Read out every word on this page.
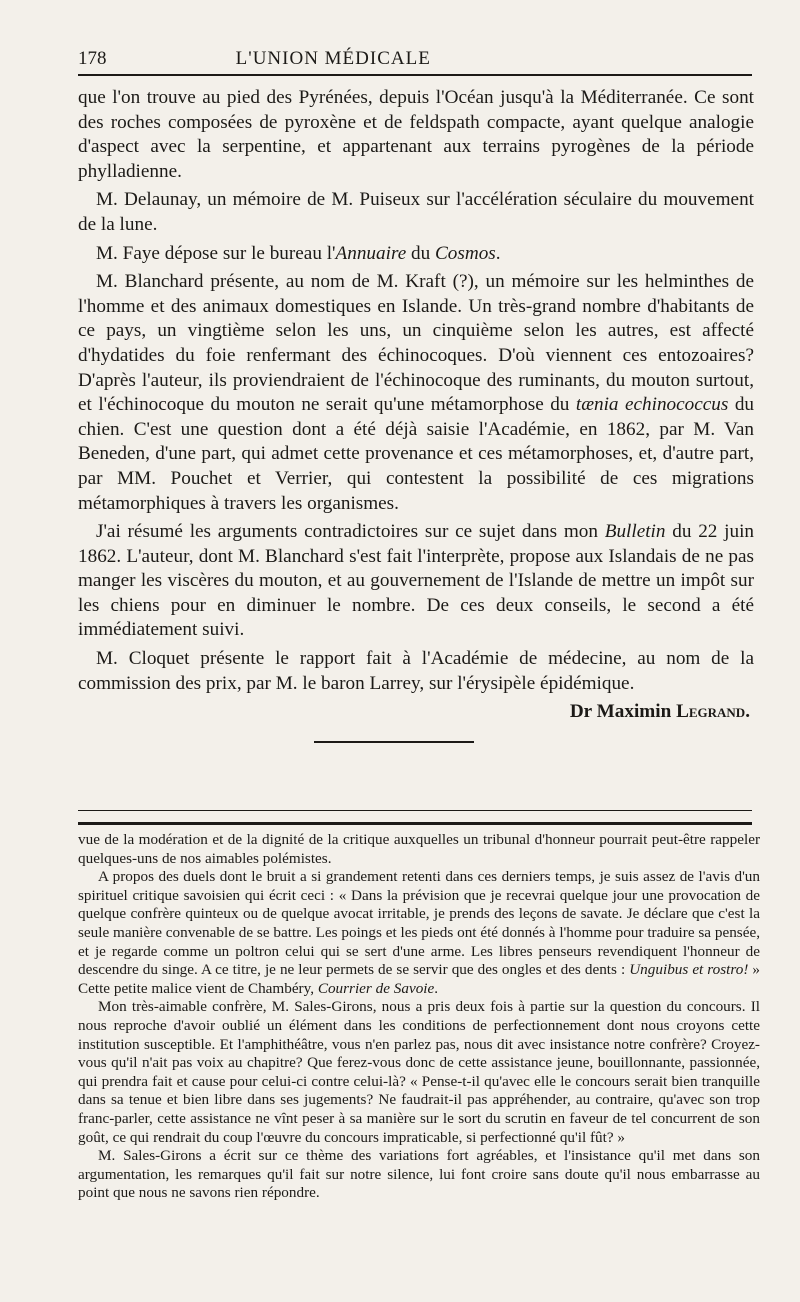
178	L'UNION MÉDICALE

que l'on trouve au pied des Pyrénées, depuis l'Océan jusqu'à la Méditerranée. Ce sont des roches composées de pyroxène et de feldspath compacte, ayant quelque analogie d'aspect avec la serpentine, et appartenant aux terrains pyrogènes de la période phylladienne.

M. Delaunay, un mémoire de M. Puiseux sur l'accélération séculaire du mouvement de la lune.

M. Faye dépose sur le bureau l'Annuaire du Cosmos.

M. Blanchard présente, au nom de M. Kraft (?), un mémoire sur les helminthes de l'homme et des animaux domestiques en Islande. Un très-grand nombre d'habitants de ce pays, un vingtième selon les uns, un cinquième selon les autres, est affecté d'hydatides du foie renfermant des échinocoques. D'où viennent ces entozoaires? D'après l'auteur, ils proviendraient de l'échinocoque des ruminants, du mouton surtout, et l'échinocoque du mouton ne serait qu'une métamorphose du tænia echinococcus du chien. C'est une question dont a été déjà saisie l'Académie, en 1862, par M. Van Beneden, d'une part, qui admet cette provenance et ces métamorphoses, et, d'autre part, par MM. Pouchet et Verrier, qui contestent la possibilité de ces migrations métamorphiques à travers les organismes.

J'ai résumé les arguments contradictoires sur ce sujet dans mon Bulletin du 22 juin 1862. L'auteur, dont M. Blanchard s'est fait l'interprète, propose aux Islandais de ne pas manger les viscères du mouton, et au gouvernement de l'Islande de mettre un impôt sur les chiens pour en diminuer le nombre. De ces deux conseils, le second a été immédiatement suivi.

M. Cloquet présente le rapport fait à l'Académie de médecine, au nom de la commission des prix, par M. le baron Larrey, sur l'érysipèle épidémique.

Dr Maximin Legrand.

vue de la modération et de la dignité de la critique auxquelles un tribunal d'honneur pourrait peut-être rappeler quelques-uns de nos aimables polémistes.

A propos des duels dont le bruit a si grandement retenti dans ces derniers temps, je suis assez de l'avis d'un spirituel critique savoisien qui écrit ceci : « Dans la prévision que je recevrai quelque jour une provocation de quelque confrère quinteux ou de quelque avocat irritable, je prends des leçons de savate. Je déclare que c'est la seule manière convenable de se battre. Les poings et les pieds ont été donnés à l'homme pour traduire sa pensée, et je regarde comme un poltron celui qui se sert d'une arme. Les libres penseurs revendiquent l'honneur de descendre du singe. A ce titre, je ne leur permets de se servir que des ongles et des dents : Unguibus et rostro! » Cette petite malice vient de Chambéry, Courrier de Savoie.

Mon très-aimable confrère, M. Sales-Girons, nous a pris deux fois à partie sur la question du concours. Il nous reproche d'avoir oublié un élément dans les conditions de perfectionnement dont nous croyons cette institution susceptible. Et l'amphithéâtre, vous n'en parlez pas, nous dit avec insistance notre confrère? Croyez-vous qu'il n'ait pas voix au chapitre? Que ferez-vous donc de cette assistance jeune, bouillonnante, passionnée, qui prendra fait et cause pour celui-ci contre celui-là? « Pense-t-il qu'avec elle le concours serait bien tranquille dans sa tenue et bien libre dans ses jugements? Ne faudrait-il pas appréhender, au contraire, qu'avec son trop franc-parler, cette assistance ne vînt peser à sa manière sur le sort du scrutin en faveur de tel concurrent de son goût, ce qui rendrait du coup l'œuvre du concours impraticable, si perfectionné qu'il fût? »

M. Sales-Girons a écrit sur ce thème des variations fort agréables, et l'insistance qu'il met dans son argumentation, les remarques qu'il fait sur notre silence, lui font croire sans doute qu'il nous embarrasse au point que nous ne savons rien répondre.
